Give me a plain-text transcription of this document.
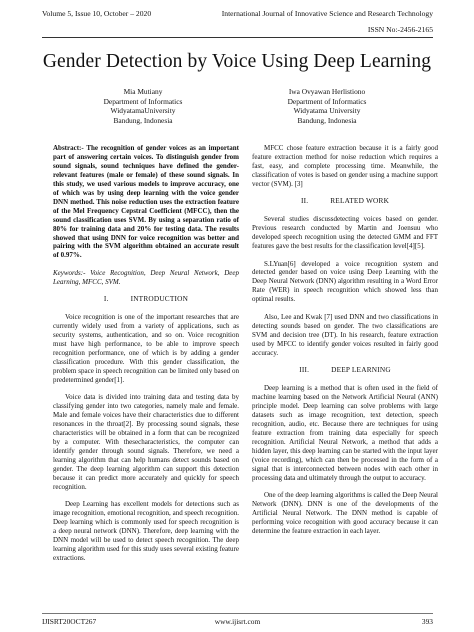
Volume 5, Issue 10, October – 2020	International Journal of Innovative Science and Research Technology
ISSN No:-2456-2165
Gender Detection by Voice Using Deep Learning
Mia Mutiany
Department of Informatics
WidyatamaUniversity
Bandung, Indonesia
Iwa Ovyawan Herlistiono
Department of Informatics
Widyatama University
Bandung, Indonesia

Abstract:- The recognition of gender voices as an important part of answering certain voices. To distinguish gender from sound signals, sound techniques have defined the gender-relevant features (male or female) of these sound signals. In this study, we used various models to improve accuracy, one of which was by using deep learning with the voice gender DNN method. This noise reduction uses the extraction feature of the Mel Frequency Cepstral Coefficient (MFCC), then the sound classification uses SVM. By using a separation ratio of 80% for training data and 20% for testing data. The results showed that using DNN for voice recognition was better and pairing with the SVM algorithm obtained an accurate result of 0.97%.

Keywords:- Voice Recognition, Deep Neural Network, Deep Learning, MFCC, SVM.

I.	INTRODUCTION

Voice recognition is one of the important researches that are currently widely used from a variety of applications, such as security systems, authentication, and so on. Voice recognition must have high performance, to be able to improve speech recognition performance, one of which is by adding a gender classification procedure. With this gender classification, the problem space in speech recognition can be limited only based on predetermined gender[1].

Voice data is divided into training data and testing data by classifying gender into two categories, namely male and female. Male and female voices have their characteristics due to different resonances in the throat[2]. By processing sound signals, these characteristics will be obtained in a form that can be recognized by a computer. With thesecharacteristics, the computer can identify gender through sound signals. Therefore, we need a learning algorithm that can help humans detect sounds based on gender. The deep learning algorithm can support this detection because it can predict more accurately and quickly for speech recognition.

Deep Learning has excellent models for detections such as image recognition, emotional recognition, and speech recognition. Deep learning which is commonly used for speech recognition is a deep neural network (DNN). Therefore, deep learning with the DNN model will be used to detect speech recognition. The deep learning algorithm used for this study uses several existing feature extractions.

MFCC chose feature extraction because it is a fairly good feature extraction method for noise reduction which requires a fast, easy, and complete processing time. Meanwhile, the classification of votes is based on gender using a machine support vector (SVM). [3]

II.	RELATED WORK

Several studies discussdetecting voices based on gender. Previous research conducted by Martin and Joensuu who developed speech recognition using the detected GMM and FFT features gave the best results for the classification level[4][5].

S.LYuan[6] developed a voice recognition system and detected gender based on voice using Deep Learning with the Deep Neural Network (DNN) algorithm resulting in a Word Error Rate (WER) in speech recognition which showed less than optimal results.

Also, Lee and Kwak [7] used DNN and two classifications in detecting sounds based on gender. The two classifications are SVM and decision tree (DT). In his research, feature extraction used by MFCC to identify gender voices resulted in fairly good accuracy.

III.	DEEP LEARNING

Deep learning is a method that is often used in the field of machine learning based on the Network Artificial Neural (ANN) principle model. Deep learning can solve problems with large datasets such as image recognition, text detection, speech recognition, audio, etc. Because there are techniques for using feature extraction from training data especially for speech recognition. Artificial Neural Network, a method that adds a hidden layer, this deep learning can be started with the input layer (voice recording), which can then be processed in the form of a signal that is interconnected between nodes with each other in processing data and ultimately through the output to accuracy.

One of the deep learning algorithms is called the Deep Neural Network (DNN). DNN is one of the developments of the Artificial Neural Network. The DNN method is capable of performing voice recognition with good accuracy because it can determine the feature extraction in each layer.

IJISRT20OCT267	www.ijisrt.com	393
